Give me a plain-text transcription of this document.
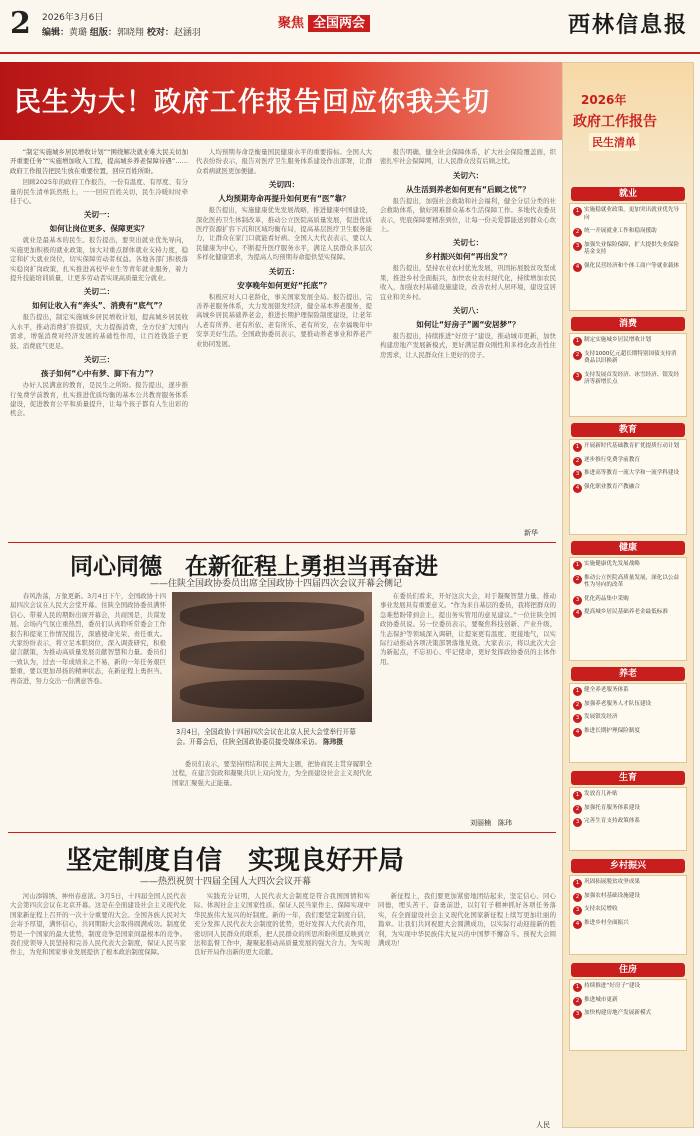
2 2026年3月6日
编辑：黄璐 组版：郭晓翔 校对：赵涵羽
聚焦 全国两会	西林信息报
民生为大！政府工作报告回应你我关切

“制定实施城乡居民增收计划”“围绕解决就业难大民关切加开重要任务”“实施增加收入工程，提高城乡养老保障待遇”……政府工作报告把民生放在重要位置，回应百姓所盼。

回顾2025年的政府工作报告，一份有温度、有厚度、有分量的民生清单跃然纸上，一一回应百姓关切，民生冷暖时时牵挂于心。

关切一：
如何让岗位更多、保障更实？

就业是最基本的民生。报告提出，要突出就业优先导向，实施更加积极的就业政策，加大对重点群体就业支持力度，稳定和扩大就业岗位，切实保障劳动者权益。各地各部门积极落实稳岗扩岗政策，扎实推进高校毕业生等青年就业服务，着力提升技能培训质量，让更多劳动者实现高质量充分就业。

关切二：
如何让收入有“奔头”、消费有“底气”？

报告提出，制定实施城乡居民增收计划，提高城乡居民收入水平，推动消费扩容提质，大力提振消费，全方位扩大国内需求，增强消费对经济发展的基础性作用，让百姓钱袋子更鼓、消费底气更足。

关切三：
孩子如何“心中有梦、脚下有力”？

办好人民满意的教育，是民生之所盼。报告提出，逐步推行免费学前教育，扎实推进优质均衡的基本公共教育服务体系建设，促进教育公平和质量提升，让每个孩子都有人生出彩的机会。

人均预期寿命是衡量国民健康水平的重要指标。全国人大代表纷纷表示，报告对医疗卫生服务体系建设作出部署，让群众看病就医更加便捷。

关切四：
人均预期寿命再提升如何更有“医”靠？

报告提出，实施健康优先发展战略，推进健康中国建设，深化医药卫生体制改革，推动公立医院高质量发展，促进优质医疗资源扩容下沉和区域均衡布局，提高基层医疗卫生服务能力，让群众在家门口就能看好病。全国人大代表表示，要以人民健康为中心，不断提升医疗服务水平，满足人民群众多层次多样化健康需求，为提高人均预期寿命提供坚实保障。

关切五：
安享晚年如何更好“托底”？

积极应对人口老龄化，事关国家发展全局。报告提出，完善养老服务体系，大力发展银发经济，健全基本养老服务，提高城乡居民基础养老金，推进长期护理保险制度建设，让老年人老有所养、老有所依、老有所乐、老有所安，在幸福晚年中安享美好生活。全国政协委员表示，要推动养老事业和养老产业协同发展。

报告明确，健全社会保障体系，扩大社会保险覆盖面，织密扎牢社会保障网，让人民群众没有后顾之忧。

关切六：
从生活到养老如何更有“后顾之忧”？

报告提出，加强社会救助和社会福利，健全分层分类的社会救助体系，做好困难群众基本生活保障工作。多地代表委员表示，兜底保障要精准到位，让每一份关爱都能送到群众心坎上。

关切七：
乡村振兴如何“再出发”？

报告提出，坚持农业农村优先发展，巩固拓展脱贫攻坚成果，推进乡村全面振兴，加快农业农村现代化，持续增加农民收入，加强农村基础设施建设，改善农村人居环境，建设宜居宜业和美乡村。

关切八：
如何让“好房子”圆“安居梦”？

报告提出，持续推进“好房子”建设，推动城市更新，加快构建房地产发展新模式，更好满足群众刚性和多样化改善性住房需求，让人民群众住上更好的房子。

新华
同心同德　在新征程上勇担当再奋进
——住陕全国政协委员出席全国政协十四届四次会议开幕会侧记

春风浩荡，万象更新。3月4日下午，全国政协十四届四次会议在人民大会堂开幕。住陕全国政协委员满怀信心、带着人民的期盼出席开幕会，共商国是，共谋发展。会场内气氛庄重热烈，委员们认真聆听常委会工作报告和提案工作情况报告，深感使命光荣、责任重大。大家纷纷表示，将立足本职岗位，深入调查研究，积极建言献策，为推动高质量发展贡献智慧和力量。委员们一致认为，过去一年成绩来之不易，新的一年任务艰巨繁重，要以更加昂扬的精神状态，在新征程上勇担当、再奋进，努力交出一份满意答卷。

3月4日，全国政协十四届四次会议在北京人民大会堂举行开幕会。开幕会后，住陕全国政协委员接受媒体采访。 陈玮摄

委员们表示，要坚持团结和民主两大主题，把协商民主贯穿履职全过程，在建言资政和凝聚共识上双向发力，为全面建设社会主义现代化国家汇聚强大正能量。

在委员们看来，开好这次大会，对于凝聚智慧力量、推动事业发展具有重要意义。“作为来自基层的委员，我将把群众的急难愁盼带到会上，提出务实管用的意见建议。”一位住陕全国政协委员说。另一位委员表示，要聚焦科技创新、产业升级、生态保护等领域深入调研，让提案更有温度、更接地气，以实际行动推动各项决策部署落地见效。大家表示，将以此次大会为新起点，不忘初心、牢记使命，更好发挥政协委员的主体作用。

刘丽楠　陈玮
坚定制度自信　实现良好开局
——热烈祝贺十四届全国人大四次会议开幕

河山添锦绣，神州春意浓。3月5日，十四届全国人民代表大会第四次会议在北京开幕。这是在全面建设社会主义现代化国家新征程上召开的一次十分重要的大会。全国各族人民对大会寄予厚望，满怀信心，共同期盼大会取得圆满成功。制度优势是一个国家的最大优势，制度竞争是国家间最根本的竞争。我们党领导人民坚持和完善人民代表大会制度，保证人民当家作主，为党和国家事业发展提供了根本政治制度保障。

实践充分证明，人民代表大会制度是符合我国国情和实际、体现社会主义国家性质、保证人民当家作主、保障实现中华民族伟大复兴的好制度。新的一年，我们要坚定制度自信，充分发挥人民代表大会制度的优势，更好发挥人大代表作用，密切同人民群众的联系，把人民群众的所思所盼所愿反映到立法和监督工作中，凝聚起推动高质量发展的强大合力，为实现良好开局作出新的更大贡献。

新征程上，我们要更加紧密地团结起来，坚定信心、同心同德，埋头苦干、奋勇前进，以钉钉子精神抓好各项任务落实，在全面建设社会主义现代化国家新征程上续写更加壮丽的篇章。让我们共同祝愿大会圆满成功，以实际行动迎接新的胜利，为实现中华民族伟大复兴的中国梦不懈奋斗。预祝大会圆满成功！

人民
2026年
政府工作报告
民生清单
就业
1 实施稳就业政策，更加突出就业优先导向
2 统一开展就业工作和稳岗援助
3 加强失业保险保障，扩大提供失业保险基金支持
4 强化民营经济和个体工商户等就业载体
消费
1 制定实施城乡居民增收计划
2 支持1000亿元超长期特别国债支持消费品以旧换新
3 支持发展首发经济、冰雪经济、银发经济等新增长点
教育
1 开展新时代基础教育扩优提质行动计划
2 逐步推行免费学前教育
3 推进高等教育一流大学和一流学科建设
4 强化职业教育产教融合
健康
1 实施健康优先发展战略
2 推动公立医院高质量发展，深化以公益性为导向的改革
3 优化药品集中采购
4 提高城乡居民基础养老金最低标准
养老
1 健全养老服务体系
2 加强养老服务人才队伍建设
3 发展银发经济
4 推进长期护理保险制度
生育
1 发放育儿补贴
2 加强托育服务体系建设
3 完善生育支持政策体系
乡村振兴
1 巩固拓展脱贫攻坚成果
2 加强农村基础设施建设
3 支持农民增收
4 推进乡村全面振兴
住房
1 持续推进“好房子”建设
2 推进城市更新
3 加快构建房地产发展新模式
